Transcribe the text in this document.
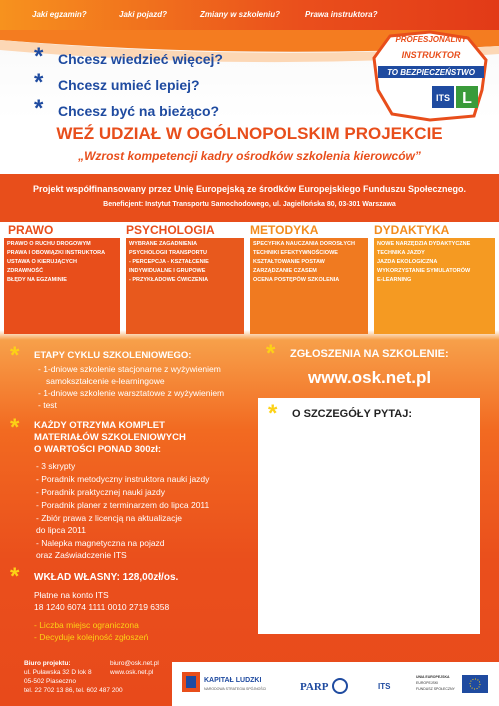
Jaki egzamin?	Jaki pojazd?	Zmiany w szkoleniu?	Prawa instruktora?
*
*
*
Chcesz wiedzieć więcej?
Chcesz umieć lepiej?
Chcesz być na bieżąco?
L
ITS
PROFESJONALNY
INSTRUKTOR
TO BEZPIECZEŃSTWO
WEŹ UDZIAŁ W OGÓLNOPOLSKIM PROJEKCIE
„Wzrost kompetencji kadry ośrodków szkolenia kierowców”
Projekt współfinansowany przez Unię Europejską ze środków Europejskiego Funduszu Społecznego.
Beneficjent: Instytut Transportu Samochodowego, ul. Jagiellońska 80, 03-301 Warszawa
PRAWO	PSYCHOLOGIA	METODYKA	DYDAKTYKA
PRAWO O RUCHU DROGOWYM
PRAWA I OBOWIĄZKI INSTRUKTORA
USTAWA O KIERUJĄCYCH
ZDRAWNOŚĆ
BŁĘDY NA EGZAMINIE
WYBRANE ZAGADNIENIA
PSYCHOLOGII TRANSPORTU
- PERCEPCJA - KSZTAŁCENIE
INDYWIDUALNE I GRUPOWE
- PRZYKŁADOWE ĆWICZENIA
SPECYFIKA NAUCZANIA DOROSŁYCH
TECHNIKI EFEKTYWNOŚCIOWE
KSZTAŁTOWANIE POSTAW
ZARZĄDZANIE CZASEM
OCENA POSTĘPÓW SZKOLENIA
NOWE NARZĘDZIA DYDAKTYCZNE
TECHNIKA JAZDY
JAZDA EKOLOGICZNA
WYKORZYSTANIE SYMULATORÓW
E-LEARNING
* ETAPY CYKLU SZKOLENIOWEGO:
- 1-dniowe szkolenie stacjonarne z wyżywieniem
samokształcenie e-learningowe
- 1-dniowe szkolenie warsztatowe z wyżywieniem
- test
* KAŻDY OTRZYMA KOMPLET
MATERIAŁÓW SZKOLENIOWYCH
O WARTOŚCI PONAD 300zł:
- 3 skrypty
- Poradnik metodyczny instruktora nauki jazdy
- Poradnik praktycznej nauki jazdy
- Poradnik planer z terminarzem do lipca 2011
- Zbiór prawa z licencją na aktualizacje
do lipca 2011
- Nalepka magnetyczna na pojazd
oraz Zaświadczenie ITS
* WKŁAD WŁASNY: 128,00zł/os.
Płatne na konto ITS
18 1240 6074 1111 0010 2719 6358
- Liczba miejsc ograniczona
- Decyduje kolejność zgłoszeń
* ZGŁOSZENIA NA SZKOLENIE:
www.osk.net.pl
* O SZCZEGÓŁY PYTAJ:
Biuro projektu:
ul. Puławska 32 D lok 8
05-502 Piaseczno
tel. 22 702 13 86, tel. 602 487 200
biuro@osk.net.pl
www.osk.net.pl
KAPITAŁ LUDZKI
NARODOWA STRATEGIA SPÓJNOŚCI	PARP	ITS
UNIA EUROPEJSKA
EUROPEJSKI
FUNDUSZ SPOŁECZNY
